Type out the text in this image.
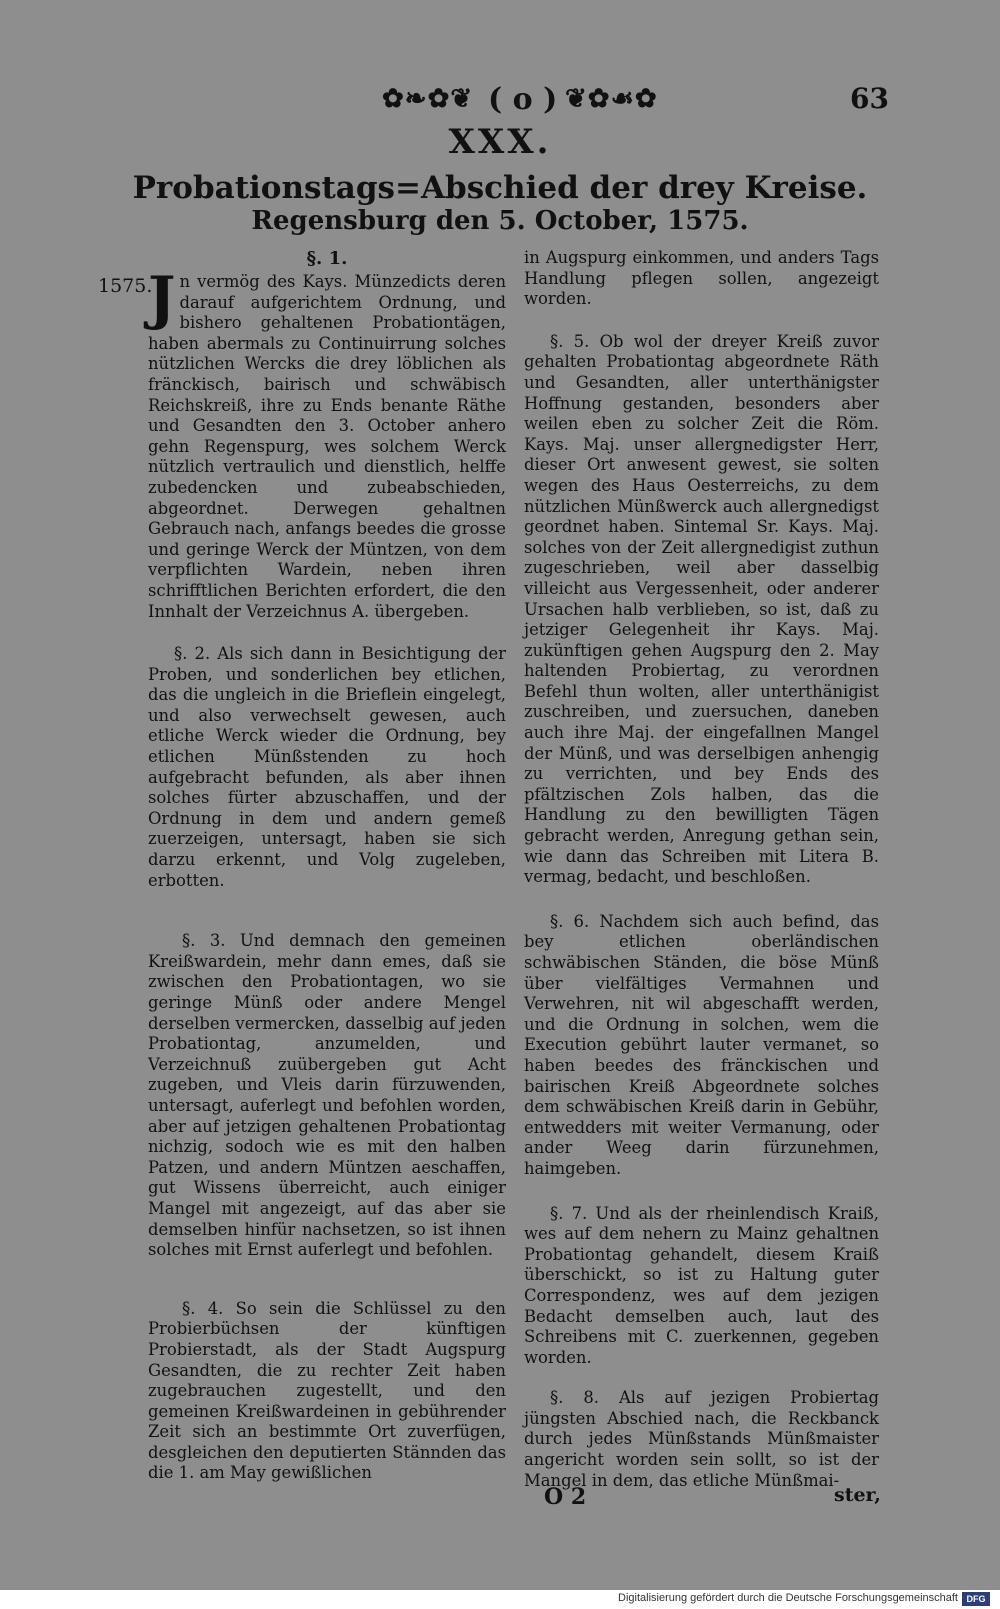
✿❧✿❦ ( o ) ❦✿☙✿	63
XXX.
Probationstags=Abschied der drey Kreise.
Regensburg den 5. October, 1575.
1575.

§. 1.

J n vermög des Kays. Münzedicts deren darauf aufgerichtem Ordnung, und bishero gehaltenen Probationtägen, haben abermals zu Continuirrung solches nützlichen Wercks die drey löblichen als fränckisch, bairisch und schwäbisch Reichskreiß, ihre zu Ends benante Räthe und Gesandten den 3. October anhero gehn Regenspurg, wes solchem Werck nützlich vertraulich und dienstlich, helffe zubedencken und zubeabschieden, abgeordnet. Derwegen gehaltnen Gebrauch nach, anfangs beedes die grosse und geringe Werck der Müntzen, von dem verpflichten Wardein, neben ihren schrifftlichen Berichten erfordert, die den Innhalt der Verzeichnus A. übergeben.

§. 2. Als sich dann in Besichtigung der Proben, und sonderlichen bey etlichen, das die ungleich in die Brieflein eingelegt, und also verwechselt gewesen, auch etliche Werck wieder die Ordnung, bey etlichen Münßstenden zu hoch aufgebracht befunden, als aber ihnen solches fürter abzuschaffen, und der Ordnung in dem und andern gemeß zuerzeigen, untersagt, haben sie sich darzu erkennt, und Volg zugeleben, erbotten.

§. 3. Und demnach den gemeinen Kreißwardein, mehr dann emes, daß sie zwischen den Probationtagen, wo sie geringe Münß oder andere Mengel derselben vermercken, dasselbig auf jeden Probationtag, anzumelden, und Verzeichnuß zuübergeben gut Acht zugeben, und Vleis darin fürzuwenden, untersagt, auferlegt und befohlen worden, aber auf jetzigen gehaltenen Probationtag nichzig, sodoch wie es mit den halben Patzen, und andern Müntzen aeschaffen, gut Wissens überreicht, auch einiger Mangel mit angezeigt, auf das aber sie demselben hinfür nachsetzen, so ist ihnen solches mit Ernst auferlegt und befohlen.

§. 4. So sein die Schlüssel zu den Probierbüchsen der künftigen Probierstadt, als der Stadt Augspurg Gesandten, die zu rechter Zeit haben zugebrauchen zugestellt, und den gemeinen Kreißwardeinen in gebührender Zeit sich an bestimmte Ort zuverfügen, desgleichen den deputierten Stännden das die 1. am May gewißlichen

in Augspurg einkommen, und anders Tags Handlung pflegen sollen, angezeigt worden.

§. 5. Ob wol der dreyer Kreiß zuvor gehalten Probationtag abgeordnete Räth und Gesandten, aller unterthänigster Hoffnung gestanden, besonders aber weilen eben zu solcher Zeit die Röm. Kays. Maj. unser allergnedigster Herr, dieser Ort anwesent gewest, sie solten wegen des Haus Oesterreichs, zu dem nützlichen Münßwerck auch allergnedigst geordnet haben. Sintemal Sr. Kays. Maj. solches von der Zeit allergnedigist zuthun zugeschrieben, weil aber dasselbig villeicht aus Vergessenheit, oder anderer Ursachen halb verblieben, so ist, daß zu jetziger Gelegenheit ihr Kays. Maj. zukünftigen gehen Augspurg den 2. May haltenden Probiertag, zu verordnen Befehl thun wolten, aller unterthänigist zuschreiben, und zuersuchen, daneben auch ihre Maj. der eingefallnen Mangel der Münß, und was derselbigen anhengig zu verrichten, und bey Ends des pfältzischen Zols halben, das die Handlung zu den bewilligten Tägen gebracht werden, Anregung gethan sein, wie dann das Schreiben mit Litera B. vermag, bedacht, und beschloßen.

§. 6. Nachdem sich auch befind, das bey etlichen oberländischen schwäbischen Ständen, die böse Münß über vielfältiges Vermahnen und Verwehren, nit wil abgeschafft werden, und die Ordnung in solchen, wem die Execution gebührt lauter vermanet, so haben beedes des fränckischen und bairischen Kreiß Abgeordnete solches dem schwäbischen Kreiß darin in Gebühr, entwedders mit weiter Vermanung, oder ander Weeg darin fürzunehmen, haimgeben.

§. 7. Und als der rheinlendisch Kraiß, wes auf dem nehern zu Mainz gehaltnen Probationtag gehandelt, diesem Kraiß überschickt, so ist zu Haltung guter Correspondenz, wes auf dem jezigen Bedacht demselben auch, laut des Schreibens mit C. zuerkennen, gegeben worden.

§. 8. Als auf jezigen Probiertag jüngsten Abschied nach, die Reckbanck durch jedes Münßstands Münßmaister angericht worden sein sollt, so ist der Mangel in dem, das etliche Münßmai-

O 2	ster,
Digitalisierung gefördert durch die Deutsche Forschungsgemeinschaft DFG
